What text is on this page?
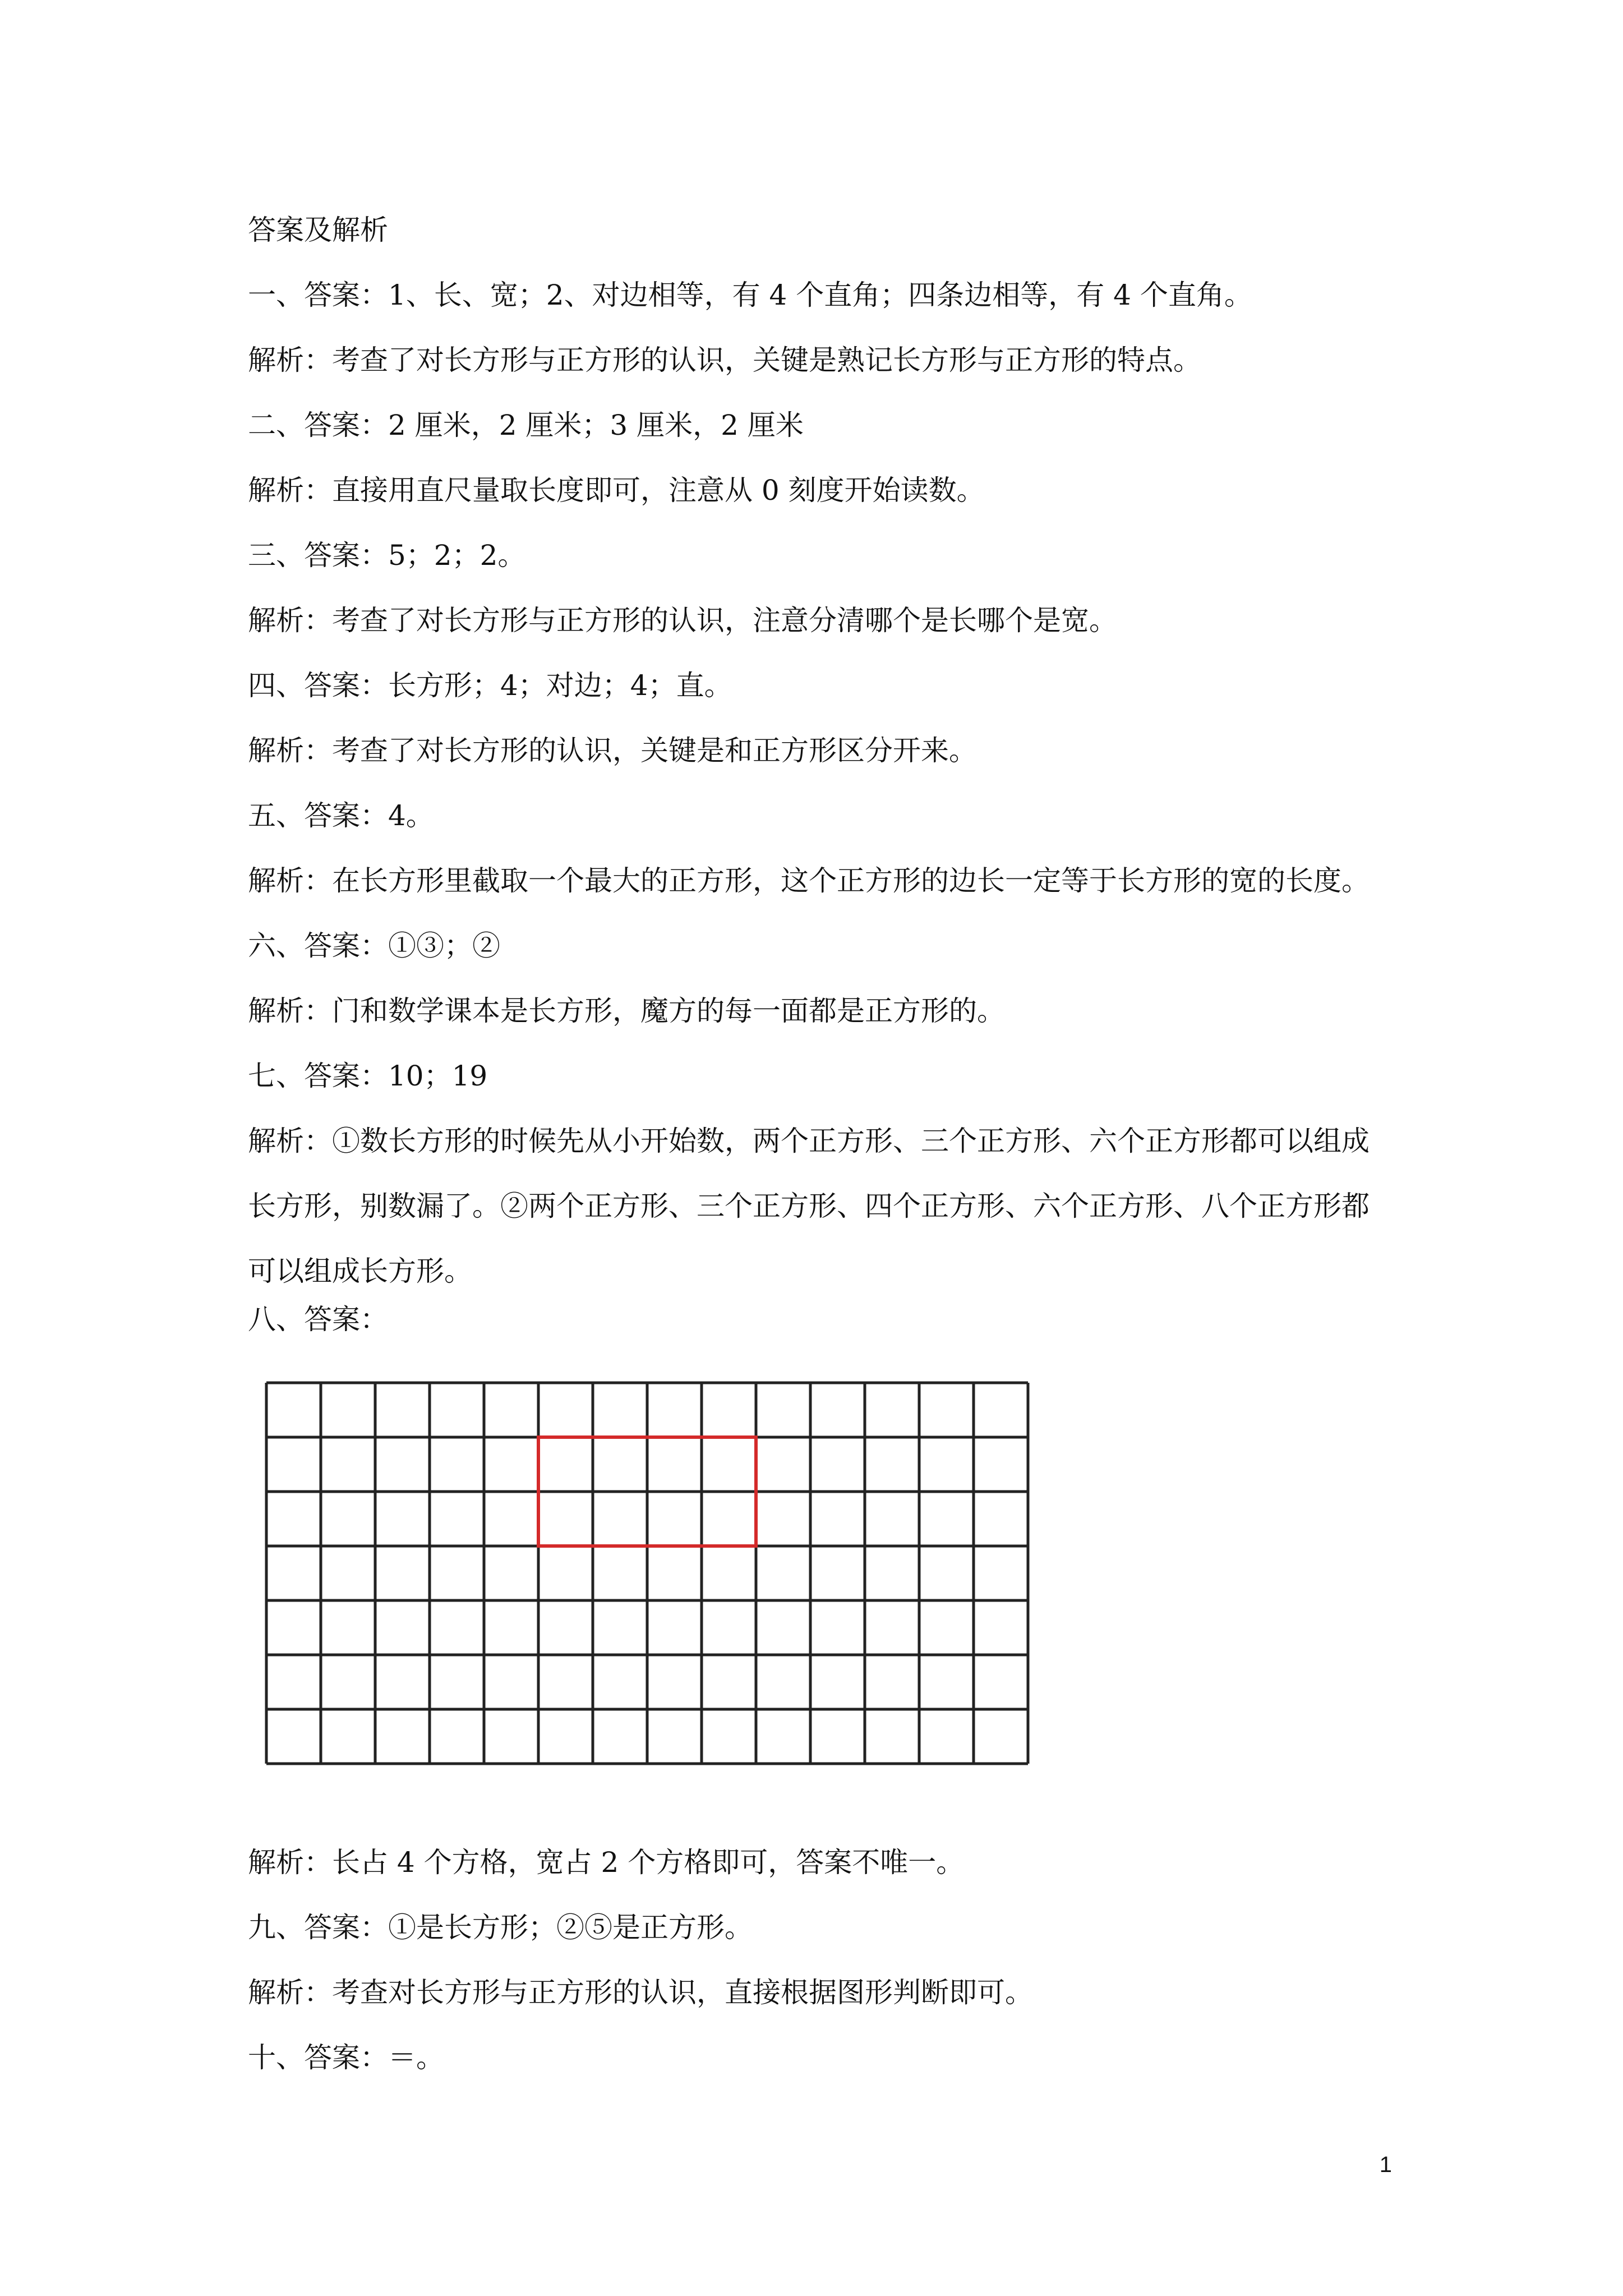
答案及解析
一、答案：1、长、宽；2、对边相等，有 4 个直角；四条边相等，有 4 个直角。
解析：考查了对长方形与正方形的认识，关键是熟记长方形与正方形的特点。
二、答案：2 厘米，2 厘米；3 厘米，2 厘米
解析：直接用直尺量取长度即可，注意从 0 刻度开始读数。
三、答案：5；2；2。
解析：考查了对长方形与正方形的认识，注意分清哪个是长哪个是宽。
四、答案：长方形；4；对边；4；直。
解析：考查了对长方形的认识，关键是和正方形区分开来。
五、答案：4。
解析：在长方形里截取一个最大的正方形，这个正方形的边长一定等于长方形的宽的长度。
六、答案：①③；②
解析：门和数学课本是长方形，魔方的每一面都是正方形的。
七、答案：10；19
解析：①数长方形的时候先从小开始数，两个正方形、三个正方形、六个正方形都可以组成
长方形，别数漏了。②两个正方形、三个正方形、四个正方形、六个正方形、八个正方形都
可以组成长方形。
八、答案：
解析：长占 4 个方格，宽占 2 个方格即可，答案不唯一。
九、答案：①是长方形；②⑤是正方形。
解析：考查对长方形与正方形的认识，直接根据图形判断即可。
十、答案：＝。
1
